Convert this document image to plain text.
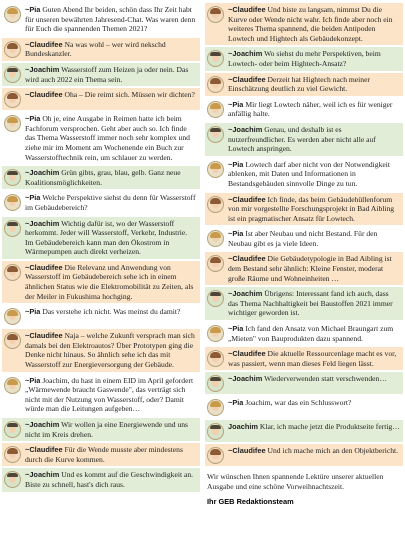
~Pia Guten Abend Ihr beiden, schön dass Ihr Zeit habt für unseren bewährten Jahresend-Chat. Was waren denn für Euch die spannenden Themen 2021?
~Claudifee Na was wohl – wer wird nekschd Bundeskanzler.
~Joachim Wasserstoff zum Heizen ja oder nein. Das wird auch 2022 ein Thema sein.
~Claudifee Oha – Die reimt sich. Müssen wir dichten?
~Pia Oh je, eine Ausgabe in Reimen hatte ich beim Fachforum versprochen. Geht aber auch so. Ich finde das Thema Wasserstoff immer noch sehr komplex und ziehe mir im Moment am Wochenende ein Buch zur Wasserstofftechnik rein, um schlauer zu werden.
~Joachim Grün gibts, grau, blau, gelb. Ganz neue Koalitionsmöglichkeiten.
~Pia Welche Perspektive siehst du denn für Wasserstoff im Gebäudebereich?
~Joachim Wichtig dafür ist, wo der Wasserstoff herkommt. Jeder will Wasserstoff, Verkehr, Industrie. Im Gebäudebereich kann man den Ökostrom in Wärmepumpen auch direkt verheizen.
~Claudifee Die Relevanz und Anwendung von Wasserstoff im Gebäudebereich sehe ich in einem ähnlichen Status wie die Elektromobilität zu Zeiten, als der Meiler in Fukushima hochging.
~Pia Das verstehe ich nicht. Was meinst du damit?
~Claudifee Naja – welche Zukunft versprach man sich damals bei den Elektroautos? Über Prototypen ging die Denke nicht hinaus. So ähnlich sehe ich das mit Wasserstoff zur Energieversorgung der Gebäude.
~Pia Joachim, du hast in einem EID im April gefordert „Wärmewende braucht Gaswende", das verträgt sich nicht mit der Nutzung von Wasserstoff, oder? Damit würde man die Leitungen aufgeben…
~Joachim Wir wollen ja eine Energiewende und uns nicht im Kreis drehen.
~Claudifee Für die Wende musste aber mindestens durch die Kurve kommen.
~Joachim Und es kommt auf die Geschwindigkeit an. Biste zu schnell, hast's dich raus.
~Claudifee Und biste zu langsam, nimmst Du die Kurve oder Wende nicht wahr. Ich finde aber noch ein weiteres Thema spannend, die beiden Antipoden Lowtech und Hightech als Gebäudekonzept.
~Joachim Wo siehst du mehr Perspektiven, beim Lowtech- oder beim Hightech-Ansatz?
~Claudifee Derzeit hat Hightech nach meiner Einschätzung deutlich zu viel Gewicht.
~Pia Mir liegt Lowtech näher, weil ich es für weniger anfällig halte.
~Joachim Genau, und deshalb ist es nutzerfreundlicher. Es werden aber nicht alle auf Lowtech anspringen.
~Pia Lowtech darf aber nicht von der Notwendigkeit ablenken, mit Daten und Informationen in Bestandsgebäuden sinnvolle Dinge zu tun.
~Claudifee Ich finde, das beim Gebäudehüllenforum von mir vorgestellte Forschungsprojekt in Bad Aibling ist ein pragmatischer Ansatz für Lowtech.
~Pia Ist aber Neubau und nicht Bestand. Für den Neubau gibt es ja viele Ideen.
~Claudifee Die Gebäudetypologie in Bad Aibling ist dem Bestand sehr ähnlich: Kleine Fenster, moderat große Räume und Wohneinheiten …
~Joachim Übrigens: Interessant fand ich auch, dass das Thema Nachhaltigkeit bei Baustoffen 2021 immer wichtiger geworden ist.
~Pia Ich fand den Ansatz von Michael Braungart zum „Mieten" von Bauprodukten dazu spannend.
~Claudifee Die aktuelle Ressourcenlage macht es vor, was passiert, wenn man dieses Feld liegen lässt.
~Joachim Wiederverwenden statt verschwenden…
~Pia Joachim, war das ein Schlusswort?
Joachim Klar, ich mache jetzt die Produktseite fertig…
~Claudifee Und ich mache mich an den Objektbericht.
Wir wünschen Ihnen spannende Lektüre unserer aktuellen Ausgabe und eine schöne Vorweihnachtszeit.
Ihr GEB Redaktionsteam
